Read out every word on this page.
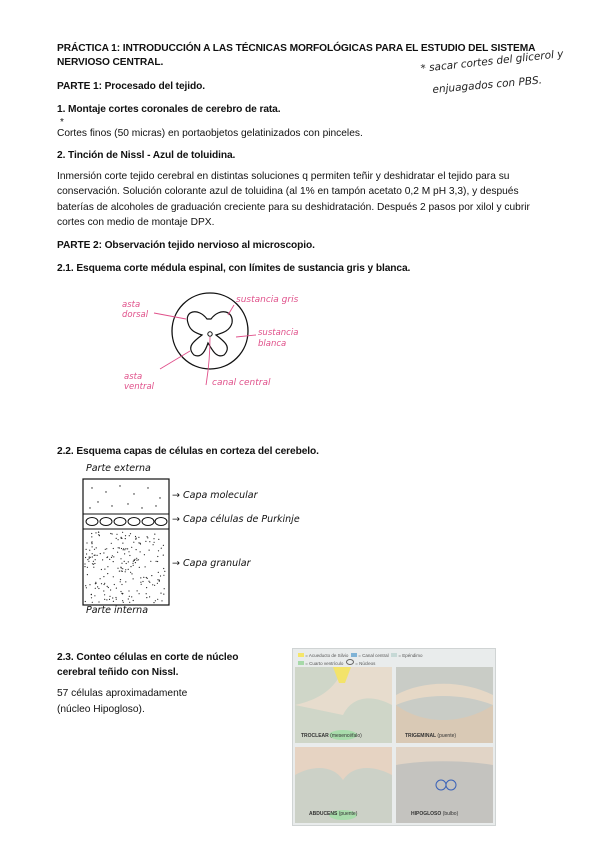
PRÁCTICA 1: INTRODUCCIÓN A LAS TÉCNICAS MORFOLÓGICAS PARA EL ESTUDIO DEL SISTEMA NERVIOSO CENTRAL.	* sacar cortes del glicerol y
enjuagados con PBS.
PARTE 1: Procesado del tejido.
1. Montaje cortes coronales de cerebro de rata.
*
Cortes finos (50 micras) en portaobjetos gelatinizados con pinceles.
2. Tinción de Nissl - Azul de toluidina.
Inmersión corte tejido cerebral en distintas soluciones q permiten teñir y deshidratar el tejido para su conservación. Solución colorante azul de toluidina (al 1% en tampón acetato 0,2 M pH 3,3), y después baterías de alcoholes de graduación creciente para su deshidratación. Después 2 pasos por xilol y cubrir cortes con medio de montaje DPX.
PARTE 2: Observación tejido nervioso al microscopio.
2.1. Esquema corte médula espinal, con límites de sustancia gris y blanca.
asta
dorsal
sustancia gris
sustancia
blanca
asta
ventral	canal central
2.2. Esquema capas de células en corteza del cerebelo.
Parte externa
Parte interna
→ Capa molecular
→ Capa células de Purkinje
→ Capa granular
2.3. Conteo células en corte de núcleo cerebral teñido con Nissl.
57 células aproximadamente
(núcleo Hipogloso).
= Acueducto de Silvio = Canal central = Epéndimo
= Cuarto ventrículo	= Núcleos
TROCLEAR (mesencéfalo)	TRIGEMINAL (puente)
ABDUCENS (puente)	HIPOGLOSO (bulbo)
